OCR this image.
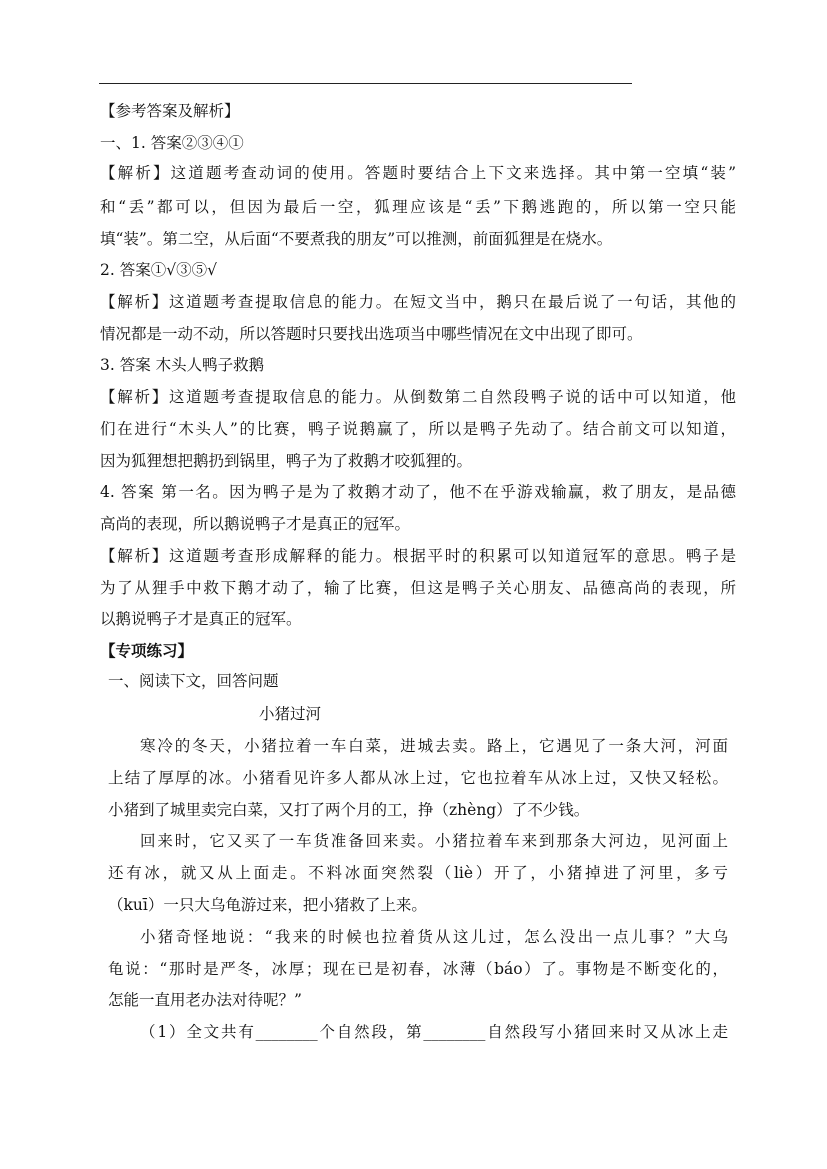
【参考答案及解析】
一、1. 答案②③④①
【解析】这道题考查动词的使用。答题时要结合上下文来选择。其中第一空填“装”
和“丢”都可以，但因为最后一空，狐理应该是“丢”下鹅逃跑的，所以第一空只能
填“装”。第二空，从后面“不要煮我的朋友”可以推测，前面狐狸是在烧水。
2. 答案①√③⑤√
【解析】这道题考查提取信息的能力。在短文当中，鹅只在最后说了一句话，其他的
情况都是一动不动，所以答题时只要找出选项当中哪些情况在文中出现了即可。
3. 答案 木头人鸭子救鹅
【解析】这道题考查提取信息的能力。从倒数第二自然段鸭子说的话中可以知道，他
们在进行“木头人”的比赛，鸭子说鹅赢了，所以是鸭子先动了。结合前文可以知道，
因为狐狸想把鹅扔到锅里，鸭子为了救鹅才咬狐狸的。
4. 答案 第一名。因为鸭子是为了救鹅才动了，他不在乎游戏输赢，救了朋友，是品德
高尚的表现，所以鹅说鸭子才是真正的冠军。
【解析】这道题考查形成解释的能力。根据平时的积累可以知道冠军的意思。鸭子是
为了从狸手中救下鹅才动了，输了比赛，但这是鸭子关心朋友、品德高尚的表现，所
以鹅说鸭子才是真正的冠军。
【专项练习】
一、阅读下文，回答问题
小猪过河
寒冷的冬天，小猪拉着一车白菜，进城去卖。路上，它遇见了一条大河，河面
上结了厚厚的冰。小猪看见许多人都从冰上过，它也拉着车从冰上过，又快又轻松。
小猪到了城里卖完白菜，又打了两个月的工，挣（zhèng）了不少钱。
回来时，它又买了一车货准备回来卖。小猪拉着车来到那条大河边，见河面上
还有冰，就又从上面走。不料冰面突然裂（liè）开了，小猪掉进了河里，多亏
（kuī）一只大乌龟游过来，把小猪救了上来。
小猪奇怪地说：“我来的时候也拉着货从这儿过，怎么没出一点儿事？”大乌
龟说：“那时是严冬，冰厚；现在已是初春，冰薄（báo）了。事物是不断变化的，
怎能一直用老办法对待呢？”
（1）全文共有________个自然段，第________自然段写小猪回来时又从冰上走
